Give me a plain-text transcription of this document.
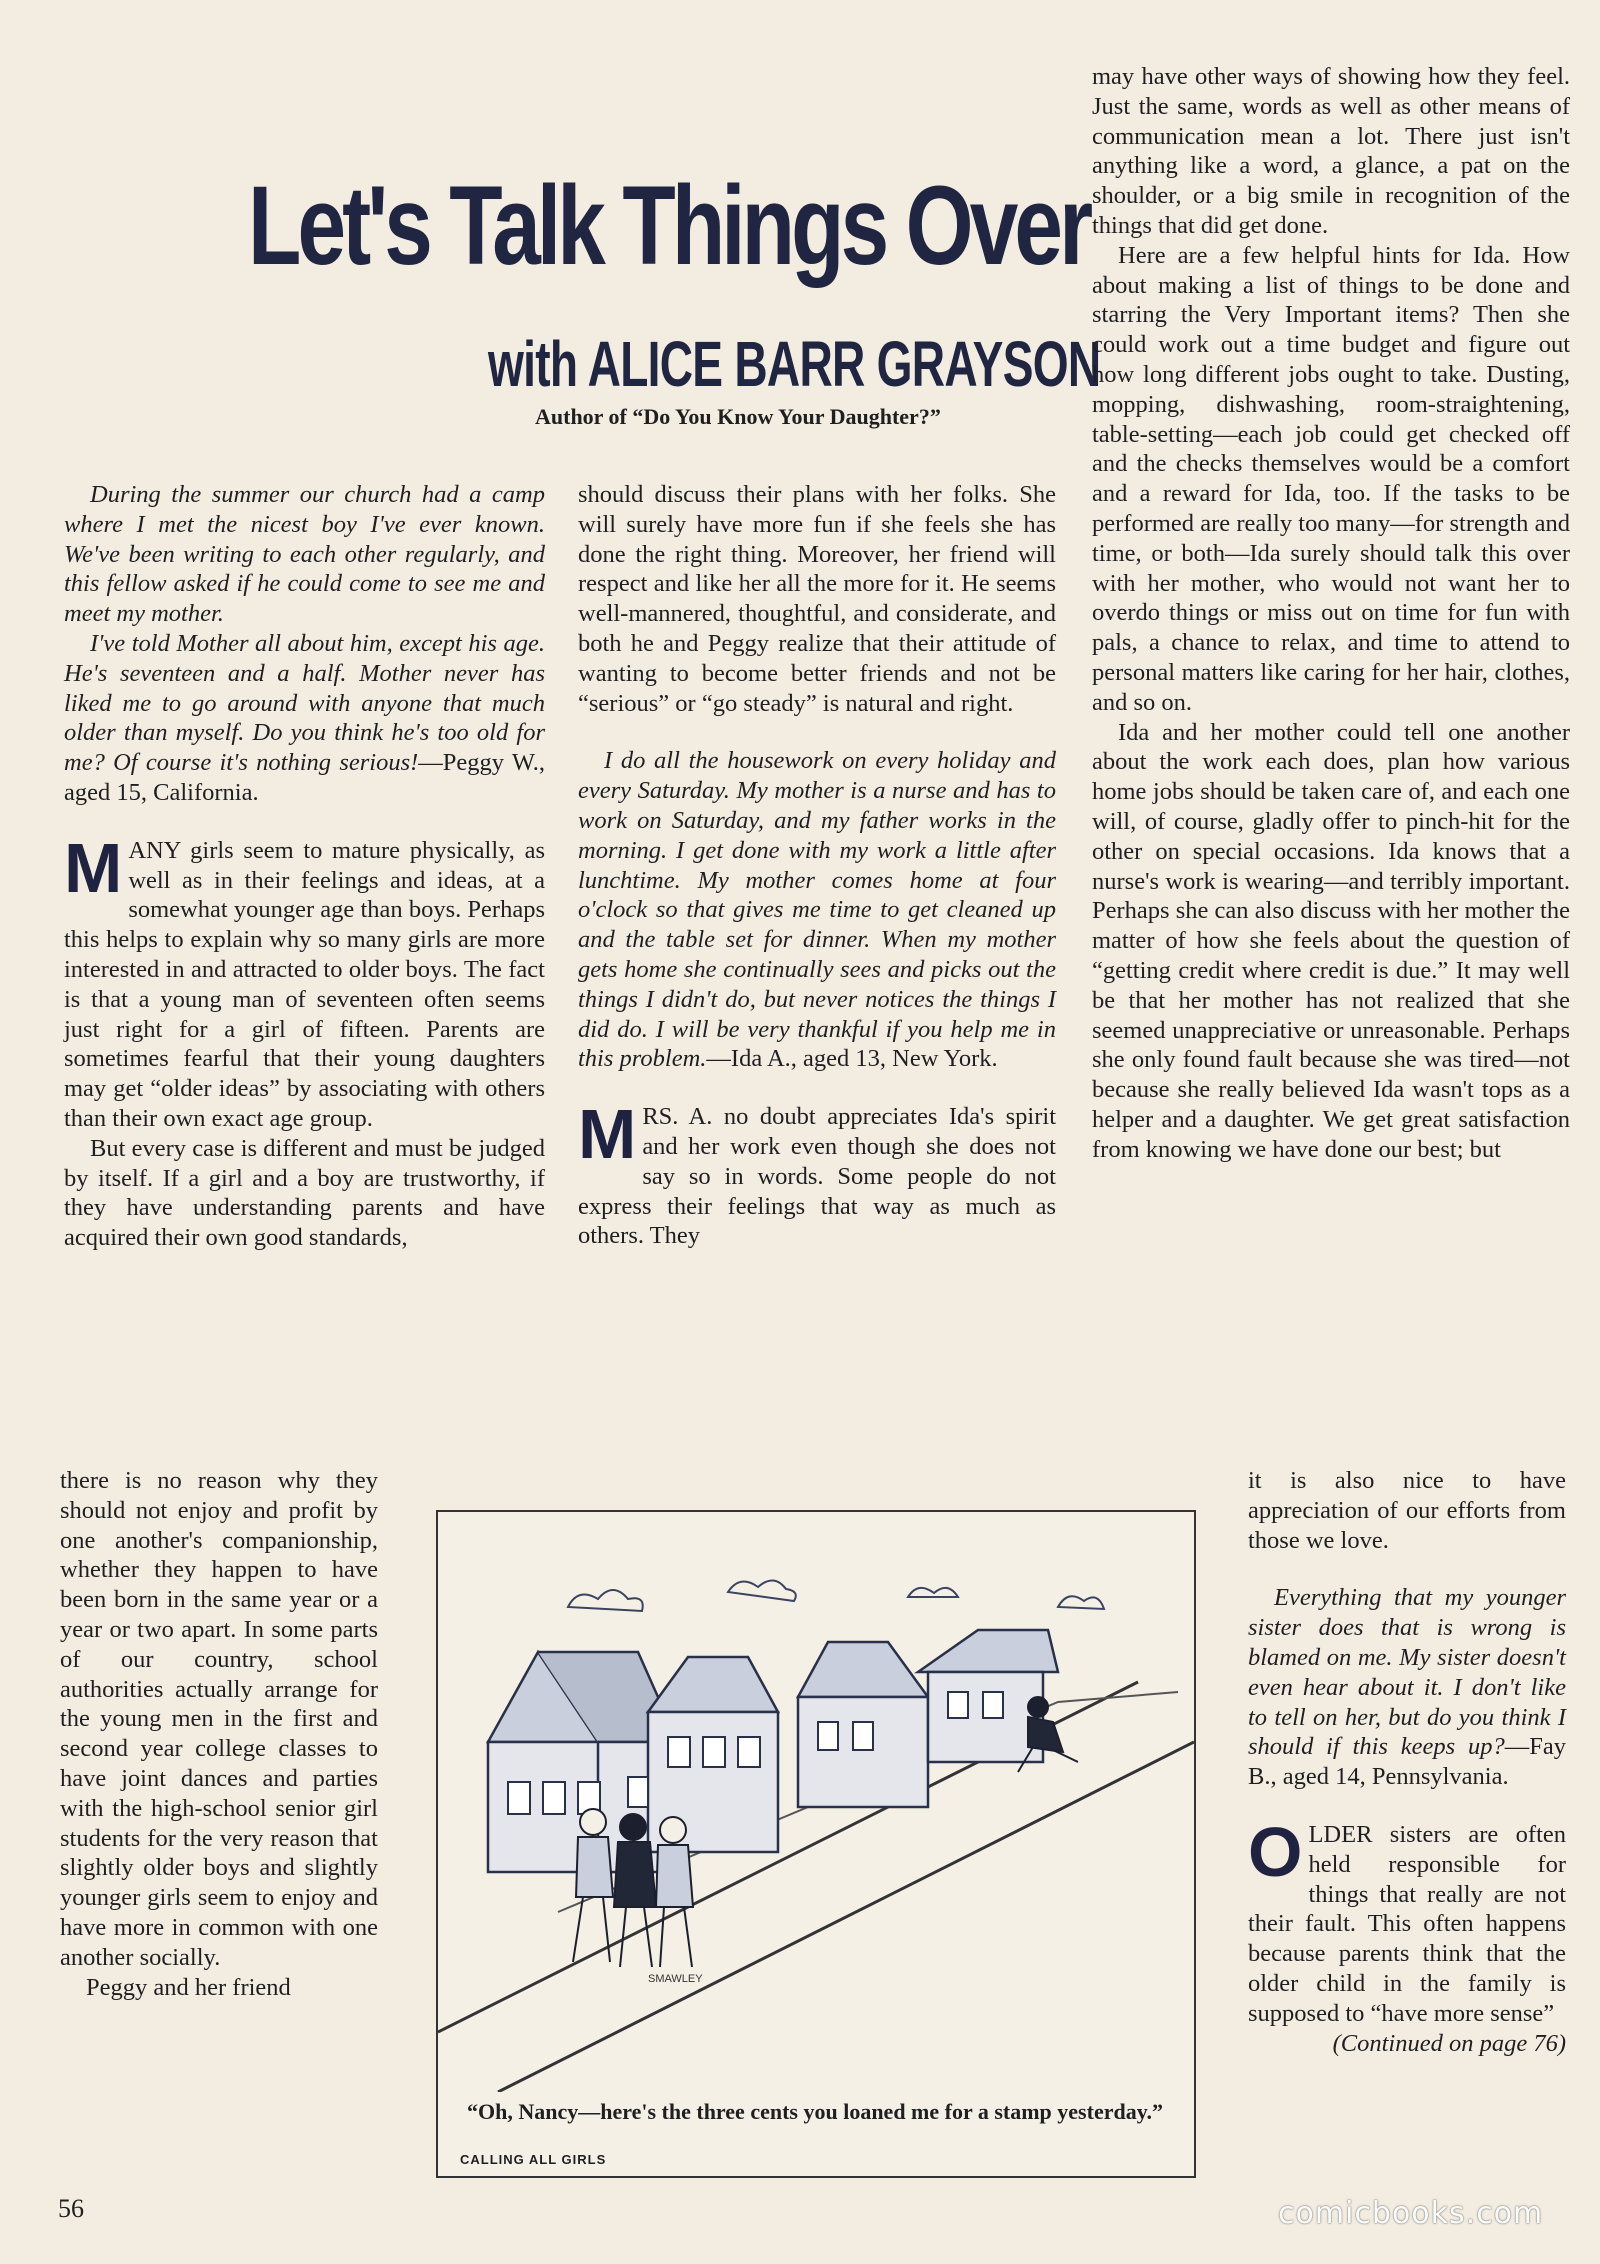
Let's Talk Things Over
with ALICE BARR GRAYSON
Author of “Do You Know Your Daughter?”

During the summer our church had a camp where I met the nicest boy I've ever known. We've been writing to each other regularly, and this fellow asked if he could come to see me and meet my mother.

I've told Mother all about him, except his age. He's seventeen and a half. Mother never has liked me to go around with anyone that much older than myself. Do you think he's too old for me? Of course it's nothing serious!—Peggy W., aged 15, California.

MANY girls seem to mature physically, as well as in their feelings and ideas, at a somewhat younger age than boys. Perhaps this helps to explain why so many girls are more interested in and attracted to older boys. The fact is that a young man of seventeen often seems just right for a girl of fifteen. Parents are sometimes fearful that their young daughters may get “older ideas” by associating with others than their own exact age group.

But every case is different and must be judged by itself. If a girl and a boy are trustworthy, if they have understanding parents and have acquired their own good standards,

there is no reason why they should not enjoy and profit by one another's companionship, whether they happen to have been born in the same year or a year or two apart. In some parts of our country, school authorities actually arrange for the young men in the first and second year college classes to have joint dances and parties with the high-school senior girl students for the very reason that slightly older boys and slightly younger girls seem to enjoy and have more in common with one another socially.

Peggy and her friend

should discuss their plans with her folks. She will surely have more fun if she feels she has done the right thing. Moreover, her friend will respect and like her all the more for it. He seems well-mannered, thoughtful, and considerate, and both he and Peggy realize that their attitude of wanting to become better friends and not be “serious” or “go steady” is natural and right.

I do all the housework on every holiday and every Saturday. My mother is a nurse and has to work on Saturday, and my father works in the morning. I get done with my work a little after lunchtime. My mother comes home at four o'clock so that gives me time to get cleaned up and the table set for dinner. When my mother gets home she continually sees and picks out the things I didn't do, but never notices the things I did do. I will be very thankful if you help me in this problem.—Ida A., aged 13, New York.

MRS. A. no doubt appreciates Ida's spirit and her work even though she does not say so in words. Some people do not express their feelings that way as much as others. They

may have other ways of showing how they feel. Just the same, words as well as other means of communication mean a lot. There just isn't anything like a word, a glance, a pat on the shoulder, or a big smile in recognition of the things that did get done.

Here are a few helpful hints for Ida. How about making a list of things to be done and starring the Very Important items? Then she could work out a time budget and figure out how long different jobs ought to take. Dusting, mopping, dishwashing, room-straightening, table-setting—each job could get checked off and the checks themselves would be a comfort and a reward for Ida, too. If the tasks to be performed are really too many—for strength and time, or both—Ida surely should talk this over with her mother, who would not want her to overdo things or miss out on time for fun with pals, a chance to relax, and time to attend to personal matters like caring for her hair, clothes, and so on.

Ida and her mother could tell one another about the work each does, plan how various home jobs should be taken care of, and each one will, of course, gladly offer to pinch-hit for the other on special occasions. Ida knows that a nurse's work is wearing—and terribly important. Perhaps she can also discuss with her mother the matter of how she feels about the question of “getting credit where credit is due.” It may well be that her mother has not realized that she seemed unappreciative or unreasonable. Perhaps she only found fault because she was tired—not because she really believed Ida wasn't tops as a helper and a daughter. We get great satisfaction from knowing we have done our best; but

it is also nice to have appreciation of our efforts from those we love.

Everything that my younger sister does that is wrong is blamed on me. My sister doesn't even hear about it. I don't like to tell on her, but do you think I should if this keeps up?—Fay B., aged 14, Pennsylvania.

OLDER sisters are often held responsible for things that really are not their fault. This often happens because parents think that the older child in the family is supposed to “have more sense”

(Continued on page 76)

SMAWLEY
“Oh, Nancy—here's the three cents you loaned me for a stamp yesterday.”
CALLING ALL GIRLS
56	comicbooks.com
